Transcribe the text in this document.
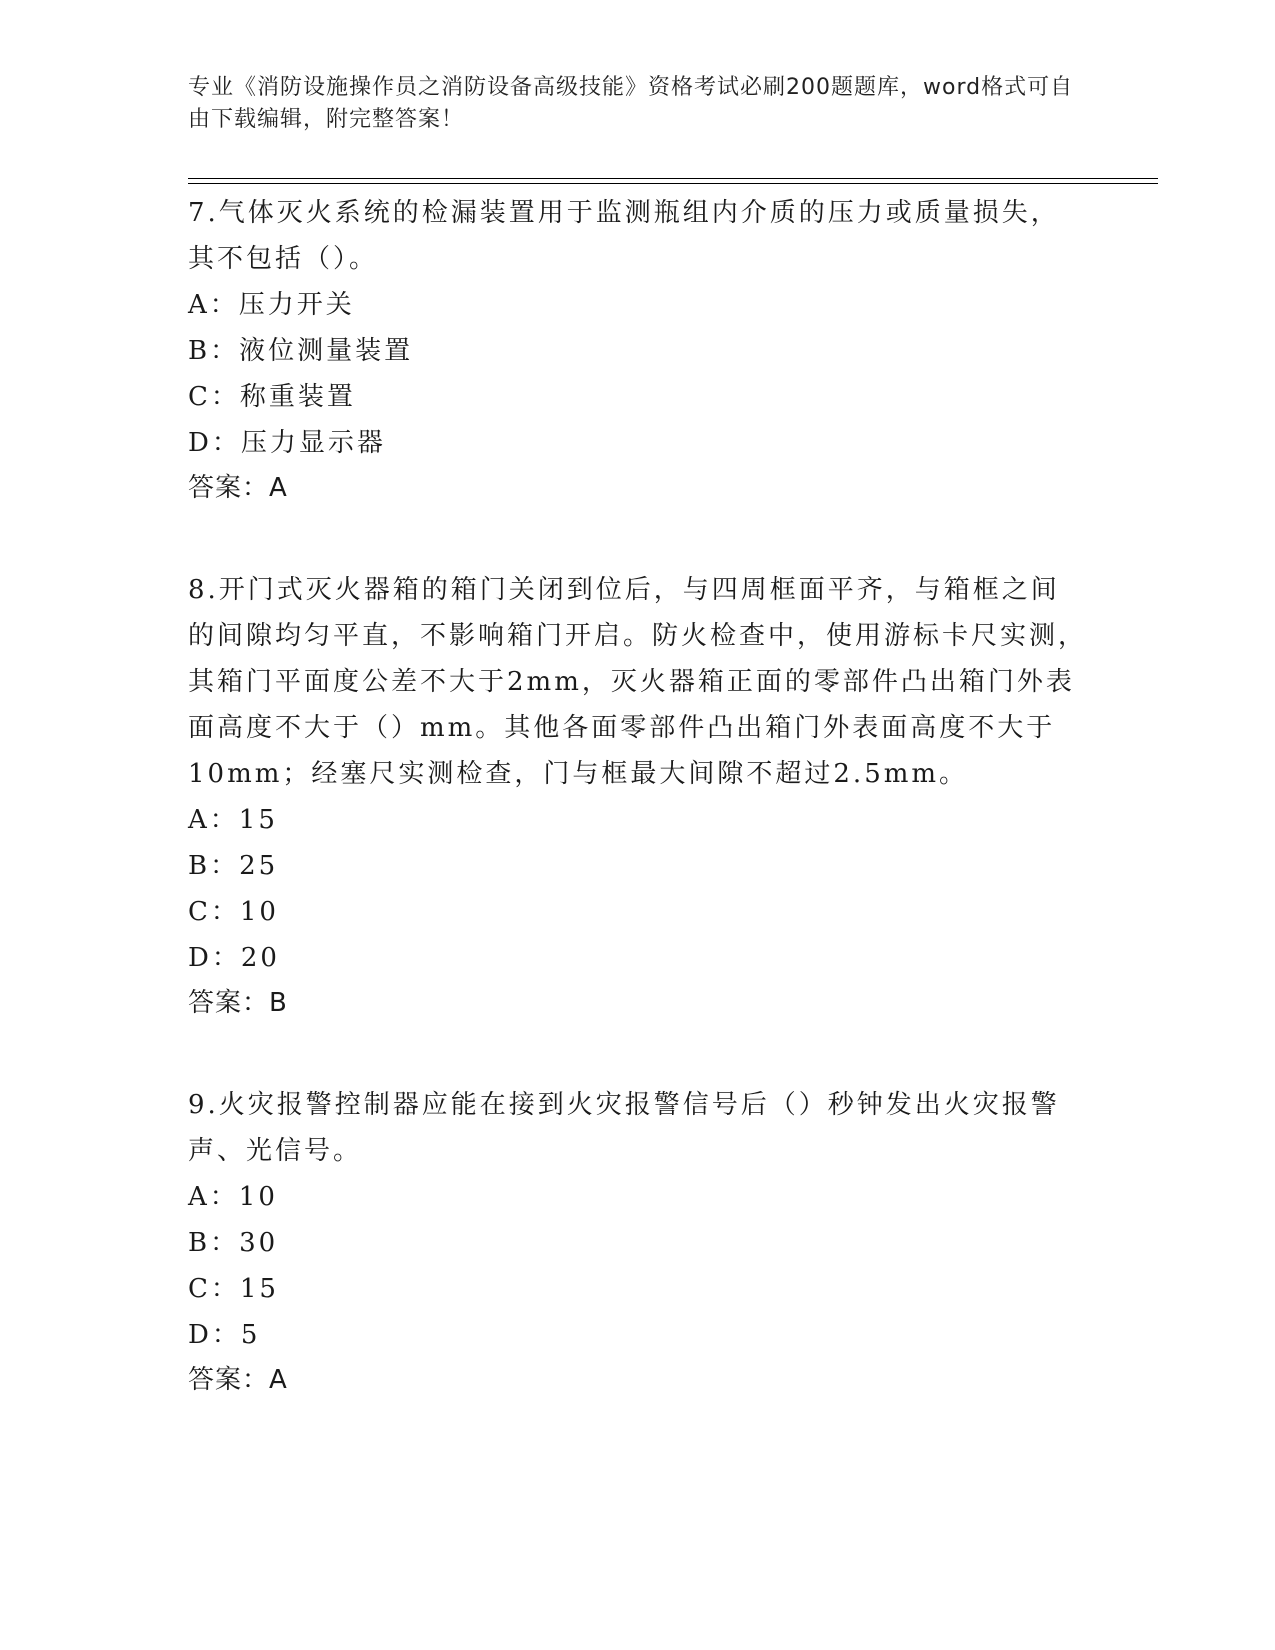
专业《消防设施操作员之消防设备高级技能》资格考试必刷200题题库，word格式可自由下载编辑，附完整答案！
7.气体灭火系统的检漏装置用于监测瓶组内介质的压力或质量损失，其不包括（）。
A：压力开关
B：液位测量装置
C：称重装置
D：压力显示器
答案：A
8.开门式灭火器箱的箱门关闭到位后，与四周框面平齐，与箱框之间的间隙均匀平直，不影响箱门开启。防火检查中，使用游标卡尺实测，其箱门平面度公差不大于2mm，灭火器箱正面的零部件凸出箱门外表面高度不大于（）mm。其他各面零部件凸出箱门外表面高度不大于10mm；经塞尺实测检查，门与框最大间隙不超过2.5mm。
A：15
B：25
C：10
D：20
答案：B
9.火灾报警控制器应能在接到火灾报警信号后（）秒钟发出火灾报警声、光信号。
A：10
B：30
C：15
D：5
答案：A
